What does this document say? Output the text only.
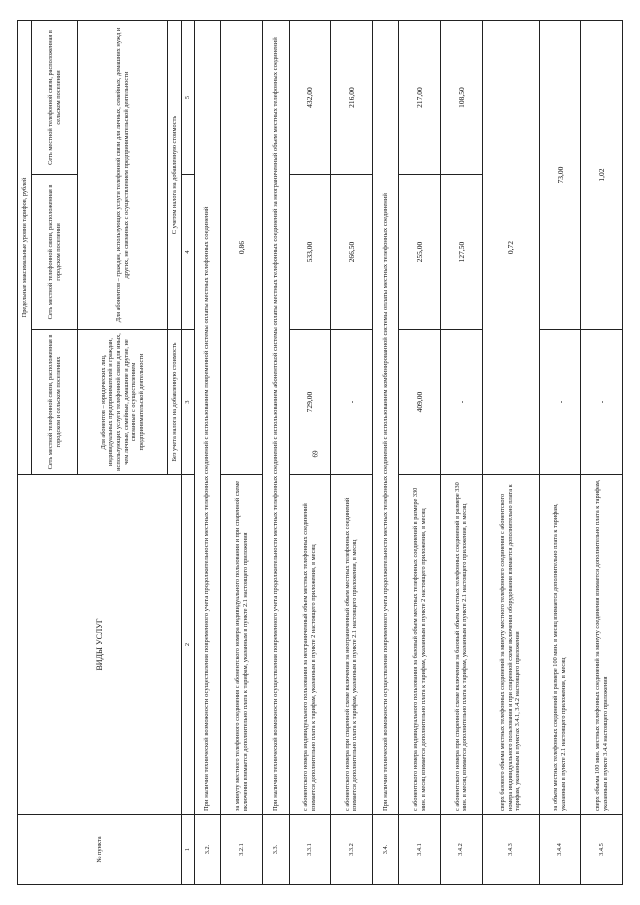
69
№ пункта	ВИДЫ УСЛУГ	Предельные максимальные уровни тарифов, рублей		
		Сеть местной телефонной связи, расположенная в городском и сельском поселениях	Сеть местной телефонной связи, расположенная в городском поселении	Сеть местной телефонной связи, расположенная в сельском поселении
		Для абонентов – юридических лиц, индивидуальных предпринимателей и граждан, использующих услуги телефонной связи для иных, чем личные, семейные, домашние и другие, не связанные с осуществлением предпринимательской деятельности	Для абонентов – граждан, использующих услуги телефонной связи для личных, семейных, домашних нужд и других, не связанных с осуществлением предпринимательской деятельности	
		Без учета налога на добавленную стоимость	С учетом налога на добавленную стоимость	
1	2	3	4	5
3.2.	При наличии технической возможности осуществления повременного учета продолжительности местных телефонных соединений с использованием повременной системы оплаты местных телефонных соединений			
3.2.1	за минуту местного телефонного соединения с абонентского номера индивидуального пользования и при спаренной схеме включения взимается дополнительно плата к тарифам, указанным в пункте 2.1 настоящего приложения	0,86		
3.3.	При наличии технической возможности осуществления повременного учета продолжительности местных телефонных соединений с использованием абонентской системы оплаты местных телефонных соединений за неограниченный объем местных телефонных соединений			
3.3.1	с абонентского номера индивидуального пользования за неограниченный объем местных телефонных соединений взимается дополнительно плата к тарифам, указанным в пункте 2 настоящего приложения, в месяц	729,00	533,00	432,00
3.3.2	с абонентского номера при спаренной схеме включения за неограниченный объем местных телефонных соединений взимается дополнительно плата к тарифам, указанным в пункте 2.1 настоящего приложения, в месяц	-	266,50	216,00
3.4.	При наличии технической возможности осуществления повременного учета продолжительности местных телефонных соединений с использованием комбинированной системы оплаты местных телефонных соединений			
3.4.1	с абонентского номера индивидуального пользования за базовый объем местных телефонных соединений в размере 330 мин. в месяц взимается дополнительно плата к тарифам, указанным в пункте 2 настоящего приложения, в месяц	409,00	255,00	217,00
3.4.2	с абонентского номера при спаренной схеме включения за базовый объем местных телефонных соединений в размере 330 мин. в месяц взимается дополнительно плата к тарифам, указанным в пункте 2.1 настоящего приложения, в месяц	-	127,50	108,50
3.4.3	сверх базового объема местных телефонных соединений за минуту местного телефонного соединения с абонентского номера индивидуального пользования и при спаренной схеме включения оборудования взимается дополнительно плата к тарифам, указанным в пунктах 3.4.1, 3.4.2 настоящего приложения	0,72		
3.4.4	за объем местных телефонных соединений в размере 100 мин. в месяц взимается дополнительно плата к тарифам, указанным в пункте 2.1 настоящего приложения, в месяц	-	73,00	
3.4.5	сверх объема 100 мин. местных телефонных соединений за минуту соединения взимается дополнительно плата к тарифам, указанным в пункте 3.4.4 настоящего приложения	-	1,02	
